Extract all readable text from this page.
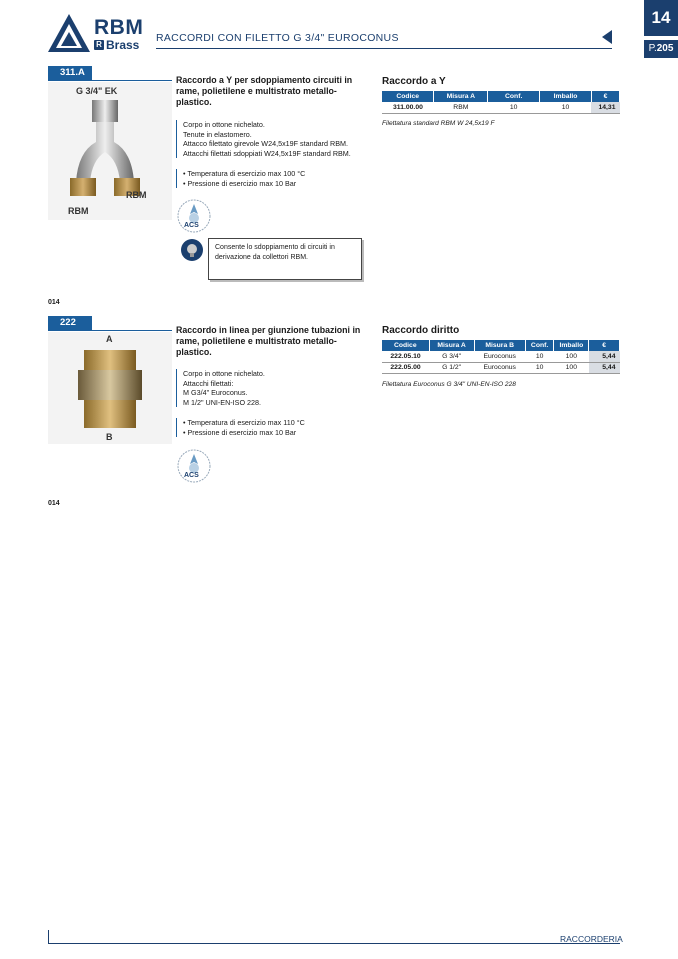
RBM
R Brass RACCORDI CON FILETTO G 3/4" EUROCONUS
14
P.205
311.A
G 3/4" EK
RBM
RBM
Raccordo a Y per sdoppiamento circuiti in rame, polietilene e multistrato metallo-plastico.
Corpo in ottone nichelato.
Tenute in elastomero.
Attacco filettato girevole W24,5x19F standard RBM.
Attacchi filettati sdoppiati W24,5x19F standard RBM.
• Temperatura di esercizio max 100 °C
• Pressione di esercizio max 10 Bar
ACS
Consente lo sdoppiamento di circuiti in derivazione da collettori RBM.
Raccordo a Y
Codice	Misura A	Conf.	Imballo	€
311.00.00	RBM	10	10	14,31
Filettatura standard RBM W 24,5x19 F
014
222
A
B
Raccordo in linea per giunzione tubazioni in rame, polietilene e multistrato metallo-plastico.
Corpo in ottone nichelato.
Attacchi filettati:
M G3/4" Euroconus.
M 1/2" UNI-EN-ISO 228.
• Temperatura di esercizio max 110 °C
• Pressione di esercizio max 10 Bar
ACS
Raccordo diritto
Codice	Misura A	Misura B	Conf.	Imballo	€
222.05.10	G 3/4"	Euroconus	10	100	5,44
222.05.00	G 1/2"	Euroconus	10	100	5,44
Filettatura Euroconus G 3/4" UNI-EN-ISO 228
014
RACCORDERIA
